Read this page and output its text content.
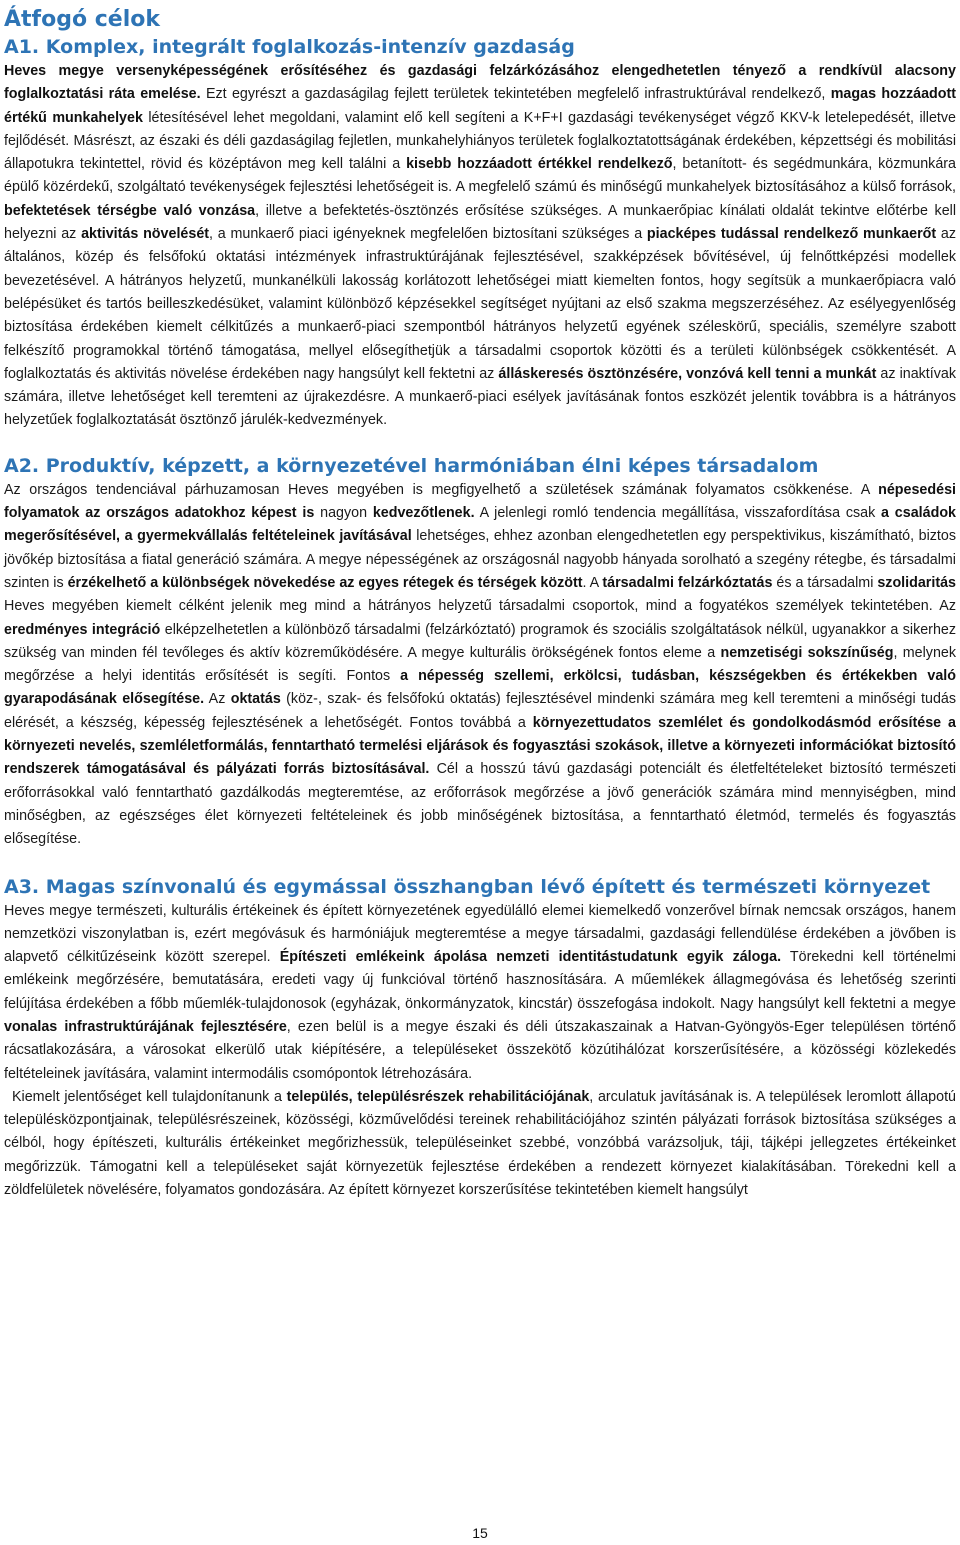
Átfogó célok
A1. Komplex, integrált foglalkozás-intenzív gazdaság

Heves megye versenyképességének erősítéséhez és gazdasági felzárkózásához elengedhetetlen tényező a rendkívül alacsony foglalkoztatási ráta emelése. Ezt egyrészt a gazdaságilag fejlett területek tekintetében megfelelő infrastruktúrával rendelkező, magas hozzáadott értékű munkahelyek létesítésével lehet megoldani, valamint elő kell segíteni a K+F+I gazdasági tevékenységet végző KKV-k letelepedését, illetve fejlődését. Másrészt, az északi és déli gazdaságilag fejletlen, munkahelyhiányos területek foglalkoztatottságának érdekében, képzettségi és mobilitási állapotukra tekintettel, rövid és középtávon meg kell találni a kisebb hozzáadott értékkel rendelkező, betanított- és segédmunkára, közmunkára épülő közérdekű, szolgáltató tevékenységek fejlesztési lehetőségeit is. A megfelelő számú és minőségű munkahelyek biztosításához a külső források, befektetések térségbe való vonzása, illetve a befektetés-ösztönzés erősítése szükséges. A munkaerőpiac kínálati oldalát tekintve előtérbe kell helyezni az aktivitás növelését, a munkaerő piaci igényeknek megfelelően biztosítani szükséges a piacképes tudással rendelkező munkaerőt az általános, közép és felsőfokú oktatási intézmények infrastruktúrájának fejlesztésével, szakképzések bővítésével, új felnőttképzési modellek bevezetésével. A hátrányos helyzetű, munkanélküli lakosság korlátozott lehetőségei miatt kiemelten fontos, hogy segítsük a munkaerőpiacra való belépésüket és tartós beilleszkedésüket, valamint különböző képzésekkel segítséget nyújtani az első szakma megszerzéséhez. Az esélyegyenlőség biztosítása érdekében kiemelt célkitűzés a munkaerő-piaci szempontból hátrányos helyzetű egyének széleskörű, speciális, személyre szabott felkészítő programokkal történő támogatása, mellyel elősegíthetjük a társadalmi csoportok közötti és a területi különbségek csökkentését. A foglalkoztatás és aktivitás növelése érdekében nagy hangsúlyt kell fektetni az álláskeresés ösztönzésére, vonzóvá kell tenni a munkát az inaktívak számára, illetve lehetőséget kell teremteni az újrakezdésre. A munkaerő-piaci esélyek javításának fontos eszközét jelentik továbbra is a hátrányos helyzetűek foglalkoztatását ösztönző járulék-kedvezmények.

A2. Produktív, képzett, a környezetével harmóniában élni képes társadalom

Az országos tendenciával párhuzamosan Heves megyében is megfigyelhető a születések számának folyamatos csökkenése. A népesedési folyamatok az országos adatokhoz képest is nagyon kedvezőtlenek. A jelenlegi romló tendencia megállítása, visszafordítása csak a családok megerősítésével, a gyermekvállalás feltételeinek javításával lehetséges, ehhez azonban elengedhetetlen egy perspektivikus, kiszámítható, biztos jövőkép biztosítása a fiatal generáció számára. A megye népességének az országosnál nagyobb hányada sorolható a szegény rétegbe, és társadalmi szinten is érzékelhető a különbségek növekedése az egyes rétegek és térségek között. A társadalmi felzárkóztatás és a társadalmi szolidaritás Heves megyében kiemelt célként jelenik meg mind a hátrányos helyzetű társadalmi csoportok, mind a fogyatékos személyek tekintetében. Az eredményes integráció elképzelhetetlen a különböző társadalmi (felzárkóztató) programok és szociális szolgáltatások nélkül, ugyanakkor a sikerhez szükség van minden fél tevőleges és aktív közreműködésére. A megye kulturális örökségének fontos eleme a nemzetiségi sokszínűség, melynek megőrzése a helyi identitás erősítését is segíti. Fontos a népesség szellemi, erkölcsi, tudásban, készségekben és értékekben való gyarapodásának elősegítése. Az oktatás (köz-, szak- és felsőfokú oktatás) fejlesztésével mindenki számára meg kell teremteni a minőségi tudás elérését, a készség, képesség fejlesztésének a lehetőségét. Fontos továbbá a környezettudatos szemlélet és gondolkodásmód erősítése a környezeti nevelés, szemléletformálás, fenntartható termelési eljárások és fogyasztási szokások, illetve a környezeti információkat biztosító rendszerek támogatásával és pályázati forrás biztosításával. Cél a hosszú távú gazdasági potenciált és életfeltételeket biztosító természeti erőforrásokkal való fenntartható gazdálkodás megteremtése, az erőforrások megőrzése a jövő generációk számára mind mennyiségben, mind minőségben, az egészséges élet környezeti feltételeinek és jobb minőségének biztosítása, a fenntartható életmód, termelés és fogyasztás elősegítése.

A3. Magas színvonalú és egymással összhangban lévő épített és természeti környezet

Heves megye természeti, kulturális értékeinek és épített környezetének egyedülálló elemei kiemelkedő vonzerővel bírnak nemcsak országos, hanem nemzetközi viszonylatban is, ezért megóvásuk és harmóniájuk megteremtése a megye társadalmi, gazdasági fellendülése érdekében a jövőben is alapvető célkitűzéseink között szerepel. Építészeti emlékeink ápolása nemzeti identitástudatunk egyik záloga. Törekedni kell történelmi emlékeink megőrzésére, bemutatására, eredeti vagy új funkcióval történő hasznosítására. A műemlékek állagmegóvása és lehetőség szerinti felújítása érdekében a főbb műemlék-tulajdonosok (egyházak, önkormányzatok, kincstár) összefogása indokolt. Nagy hangsúlyt kell fektetni a megye vonalas infrastruktúrájának fejlesztésére, ezen belül is a megye északi és déli útszakaszainak a Hatvan-Gyöngyös-Eger településen történő rácsatlakozására, a városokat elkerülő utak kiépítésére, a településeket összekötő közútihálózat korszerűsítésére, a közösségi közlekedés feltételeinek javítására, valamint intermodális csomópontok létrehozására.

Kiemelt jelentőséget kell tulajdonítanunk a település, településrészek rehabilitációjának, arculatuk javításának is. A települések leromlott állapotú településközpontjainak, településrészeinek, közösségi, közművelődési tereinek rehabilitációjához szintén pályázati források biztosítása szükséges a célból, hogy építészeti, kulturális értékeinket megőrizhessük, településeinket szebbé, vonzóbbá varázsoljuk, táji, tájképi jellegzetes értékeinket megőrizzük. Támogatni kell a településeket saját környezetük fejlesztése érdekében a rendezett környezet kialakításában. Törekedni kell a zöldfelületek növelésére, folyamatos gondozására. Az épített környezet korszerűsítése tekintetében kiemelt hangsúlyt

15
